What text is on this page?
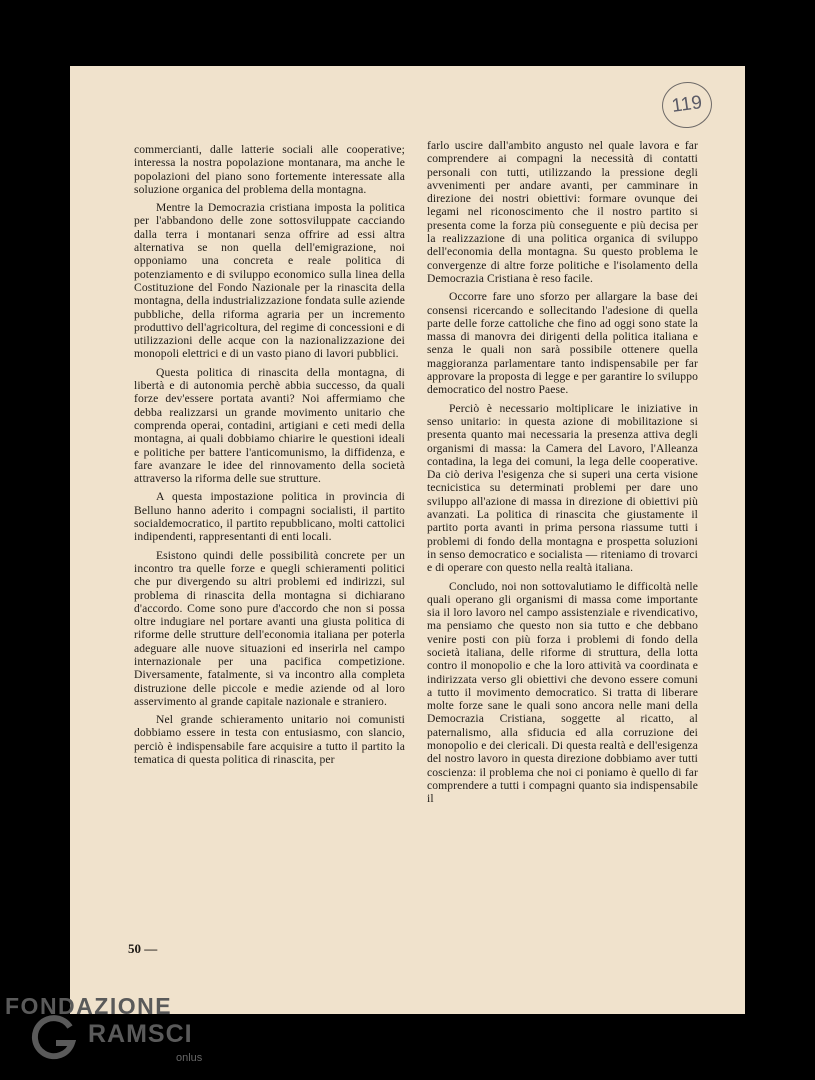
119

commercianti, dalle latterie sociali alle cooperative; interessa la nostra popolazione montanara, ma anche le popolazioni del piano sono fortemente interessate alla soluzione organica del problema della montagna.

Mentre la Democrazia cristiana imposta la politica per l'abbandono delle zone sottosviluppate cacciando dalla terra i montanari senza offrire ad essi altra alternativa se non quella dell'emigrazione, noi opponiamo una concreta e reale politica di potenziamento e di sviluppo economico sulla linea della Costituzione del Fondo Nazionale per la rinascita della montagna, della industrializzazione fondata sulle aziende pubbliche, della riforma agraria per un incremento produttivo dell'agricoltura, del regime di concessioni e di utilizzazioni delle acque con la nazionalizzazione dei monopoli elettrici e di un vasto piano di lavori pubblici.

Questa politica di rinascita della montagna, di libertà e di autonomia perchè abbia successo, da quali forze dev'essere portata avanti? Noi affermiamo che debba realizzarsi un grande movimento unitario che comprenda operai, contadini, artigiani e ceti medi della montagna, ai quali dobbiamo chiarire le questioni ideali e politiche per battere l'anticomunismo, la diffidenza, e fare avanzare le idee del rinnovamento della società attraverso la riforma delle sue strutture.

A questa impostazione politica in provincia di Belluno hanno aderito i compagni socialisti, il partito socialdemocratico, il partito repubblicano, molti cattolici indipendenti, rappresentanti di enti locali.

Esistono quindi delle possibilità concrete per un incontro tra quelle forze e quegli schieramenti politici che pur divergendo su altri problemi ed indirizzi, sul problema di rinascita della montagna si dichiarano d'accordo. Come sono pure d'accordo che non si possa oltre indugiare nel portare avanti una giusta politica di riforme delle strutture dell'economia italiana per poterla adeguare alle nuove situazioni ed inserirla nel campo internazionale per una pacifica competizione. Diversamente, fatalmente, si va incontro alla completa distruzione delle piccole e medie aziende od al loro asservimento al grande capitale nazionale e straniero.

Nel grande schieramento unitario noi comunisti dobbiamo essere in testa con entusiasmo, con slancio, perciò è indispensabile fare acquisire a tutto il partito la tematica di questa politica di rinascita, per

farlo uscire dall'ambito angusto nel quale lavora e far comprendere ai compagni la necessità di contatti personali con tutti, utilizzando la pressione degli avvenimenti per andare avanti, per camminare in direzione dei nostri obiettivi: formare ovunque dei legami nel riconoscimento che il nostro partito si presenta come la forza più conseguente e più decisa per la realizzazione di una politica organica di sviluppo dell'economia della montagna. Su questo problema le convergenze di altre forze politiche e l'isolamento della Democrazia Cristiana è reso facile.

Occorre fare uno sforzo per allargare la base dei consensi ricercando e sollecitando l'adesione di quella parte delle forze cattoliche che fino ad oggi sono state la massa di manovra dei dirigenti della politica italiana e senza le quali non sarà possibile ottenere quella maggioranza parlamentare tanto indispensabile per far approvare la proposta di legge e per garantire lo sviluppo democratico del nostro Paese.

Perciò è necessario moltiplicare le iniziative in senso unitario: in questa azione di mobilitazione si presenta quanto mai necessaria la presenza attiva degli organismi di massa: la Camera del Lavoro, l'Alleanza contadina, la lega dei comuni, la lega delle cooperative. Da ciò deriva l'esigenza che si superi una certa visione tecnicistica su determinati problemi per dare uno sviluppo all'azione di massa in direzione di obiettivi più avanzati. La politica di rinascita che giustamente il partito porta avanti in prima persona riassume tutti i problemi di fondo della montagna e prospetta soluzioni in senso democratico e socialista — riteniamo di trovarci e di operare con questo nella realtà italiana.

Concludo, noi non sottovalutiamo le difficoltà nelle quali operano gli organismi di massa come importante sia il loro lavoro nel campo assistenziale e rivendicativo, ma pensiamo che questo non sia tutto e che debbano venire posti con più forza i problemi di fondo della società italiana, delle riforme di struttura, della lotta contro il monopolio e che la loro attività va coordinata e indirizzata verso gli obiettivi che devono essere comuni a tutto il movimento democratico. Si tratta di liberare molte forze sane le quali sono ancora nelle mani della Democrazia Cristiana, soggette al ricatto, al paternalismo, alla sfiducia ed alla corruzione dei monopolio e dei clericali. Di questa realtà e dell'esigenza del nostro lavoro in questa direzione dobbiamo aver tutti coscienza: il problema che noi ci poniamo è quello di far comprendere a tutti i compagni quanto sia indispensabile il

50 —
FONDAZIONE
RAMSCI
onlus
